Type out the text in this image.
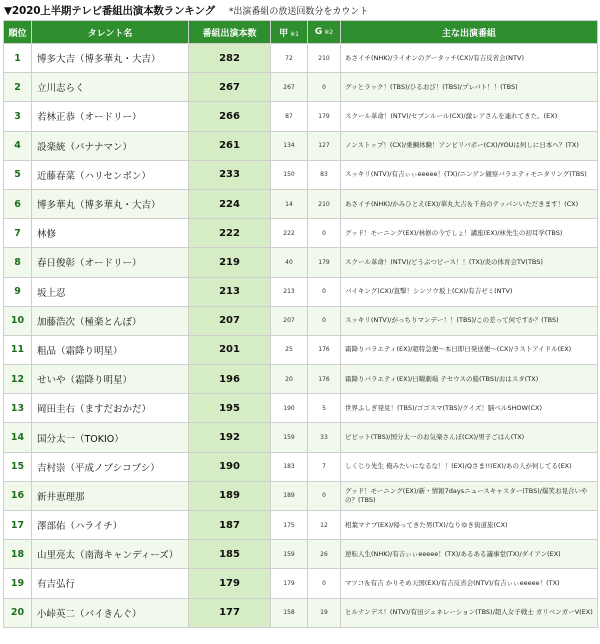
▼2020上半期テレビ番組出演本数ランキング *出演番組の放送回数分をカウント
順位	タレント名	番組出演本数	甲 ※1	G ※2	主な出演番組
1	博多大吉（博多華丸・大吉）	282	72	210	あさイチ(NHK)/ライオンのグータッチ(CX)/有吉反省会(NTV)
2	立川志らく	267	267	0	グッとラック！(TBS)/ひるおび！(TBS)/プレバト！！(TBS)
3	若林正恭（オードリー）	266	87	179	スクール革命！(NTV)/セブンルール(CX)/激レアさんを連れてきた。(EX)
4	設楽統（バナナマン）	261	134	127	ノンストップ！(CX)/乗鯛体験！アンビリバボー(CX)/YOUは何しに日本へ？(TX)
5	近藤春菜（ハリセンボン）	233	150	83	スッキリ(NTV)/有吉ぃぃeeeee！(TX)/ニンゲン観察バラエティモニタリング(TBS)
6	博多華丸（博多華丸・大吉）	224	14	210	あさイチ(NHK)/かみひとえ(EX)/華丸大吉＆千鳥のテッパンいただきます！(CX)
7	林修	222	222	0	グッド！モーニング(EX)/林修の今でしょ！講座(EX)/林先生の初耳学(TBS)
8	春日俊彰（オードリー）	219	40	179	スクール革命！(NTV)/どうぶつピース！！(TX)/炎の体育会TV(TBS)
9	坂上忍	213	213	0	バイキング(CX)/直撃！シンソウ坂上(CX)/有吉ゼミ(NTV)
10	加藤浩次（極楽とんぼ）	207	207	0	スッキリ(NTV)/がっちりマンデー！！(TBS)/この差って何ですか？(TBS)
11	粗品（霜降り明星）	201	25	176	霜降りバラエティ(EX)/超特急便～本日即日発送便～(CX)/ラストアイドル(EX)
12	せいや（霜降り明星）	196	20	176	霜降りバラエティ(EX)/日曜劇場 テセウスの船(TBS)/おはスタ(TX)
13	岡田圭右（ますだおかだ）	195	190	5	世界ふしぎ発見！(TBS)/ゴゴスマ(TBS)/クイズ！脳ベルSHOW(CX)
14	国分太一（TOKIO）	192	159	33	ビビット(TBS)/国分太一のお気楽さんぽ(CX)/男子ごはん(TX)
15	吉村崇（平成ノブシコブシ）	190	183	7	しくじり先生 俺みたいになるな！！(EX)/Qさま!!(EX)/あの人が何してる(EX)
16	新井恵理那	189	189	0	グッド！モーニング(EX)/新・情報7daysニュースキャスター(TBS)/爆笑お見合いやの？(TBS)
17	澤部佑（ハライチ）	187	175	12	相葉マナブ(EX)/帰ってきた男(TX)/なりゆき街道旅(CX)
18	山里亮太（南海キャンディーズ）	185	159	26	逆転人生(NHK)/有吉ぃぃeeeee！(TX)/あるある議事堂(TX)/ダイアン(EX)
19	有吉弘行	179	179	0	マツコ＆有吉 かりそめ天国(EX)/有吉反省会(NTV)/有吉ぃぃeeeee！(TX)
20	小峠英二（バイきんぐ）	177	158	19	ヒルナンデス！(NTV)/有田ジェネレーション(TBS)/超人女子戦士 ガリベンガーV(EX)
